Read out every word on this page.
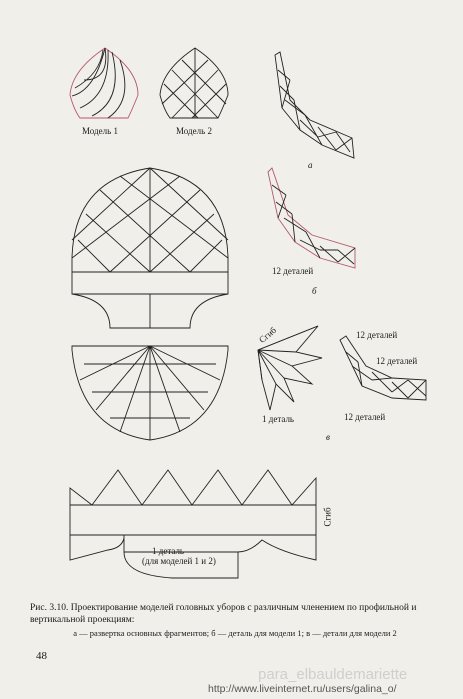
Модель 1	Модель 2
а
б
12 деталей
Сгиб
1 деталь
в
12 деталей
12 деталей
12 деталей
Сгиб
1 деталь
(для моделей 1 и 2)
Рис. 3.10. Проектирование моделей головных уборов с различным членением по профильной и вертикальной проекциям:
а — развертка основных фрагментов; б — деталь для модели 1; в — детали для модели 2
48
para_elbauldemariette
http://www.liveinternet.ru/users/galina_o/
